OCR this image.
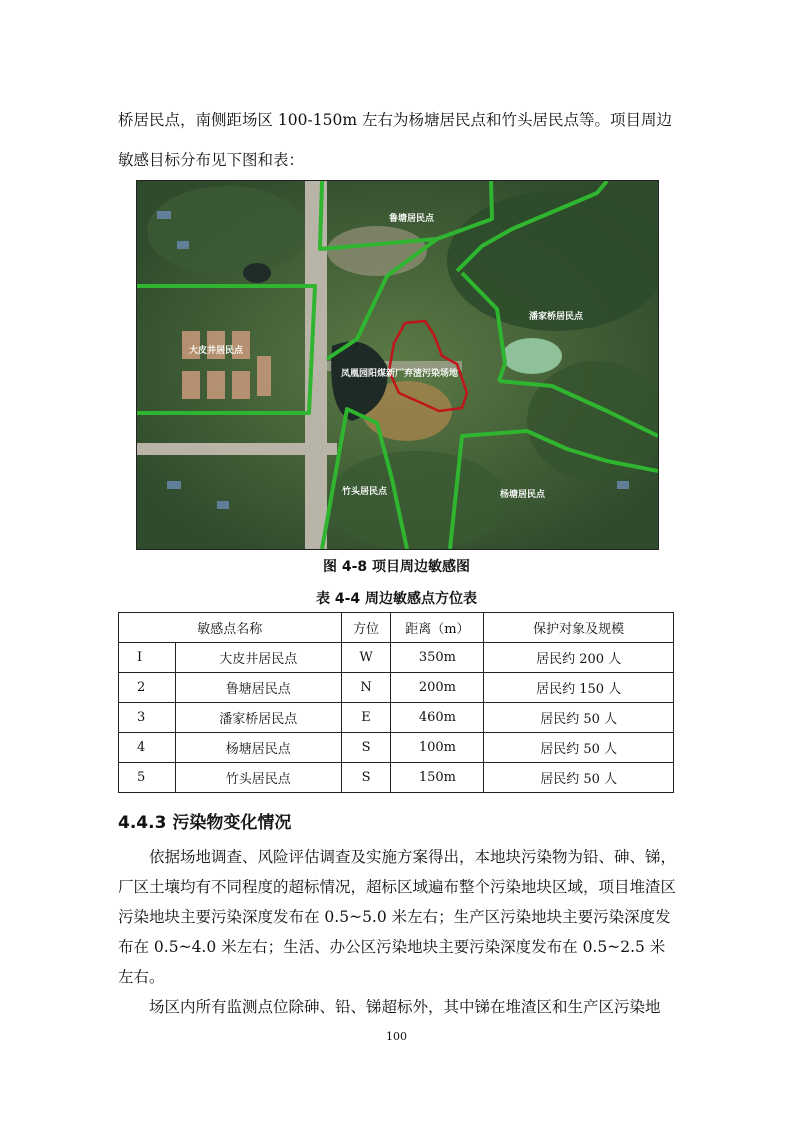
桥居民点，南侧距场区 100-150m 左右为杨塘居民点和竹头居民点等。项目周边敏感目标分布见下图和表：

鲁塘居民点
大皮井居民点
潘家桥居民点
凤凰园阳煤新厂弃渣污染场地
竹头居民点	杨塘居民点
图 4-8 项目周边敏感图
表 4-4 周边敏感点方位表
敏感点名称		方位	距离（m）	保护对象及规模
I	大皮井居民点	W	350m	居民约 200 人
2	鲁塘居民点	N	200m	居民约 150 人
3	潘家桥居民点	E	460m	居民约 50 人
4	杨塘居民点	S	100m	居民约 50 人
5	竹头居民点	S	150m	居民约 50 人
4.4.3 污染物变化情况

依据场地调查、风险评估调查及实施方案得出，本地块污染物为铅、砷、锑，厂区土壤均有不同程度的超标情况，超标区域遍布整个污染地块区域，项目堆渣区污染地块主要污染深度发布在 0.5~5.0 米左右；生产区污染地块主要污染深度发布在 0.5~4.0 米左右；生活、办公区污染地块主要污染深度发布在 0.5~2.5 米左右。

场区内所有监测点位除砷、铅、锑超标外，其中锑在堆渣区和生产区污染地

100
